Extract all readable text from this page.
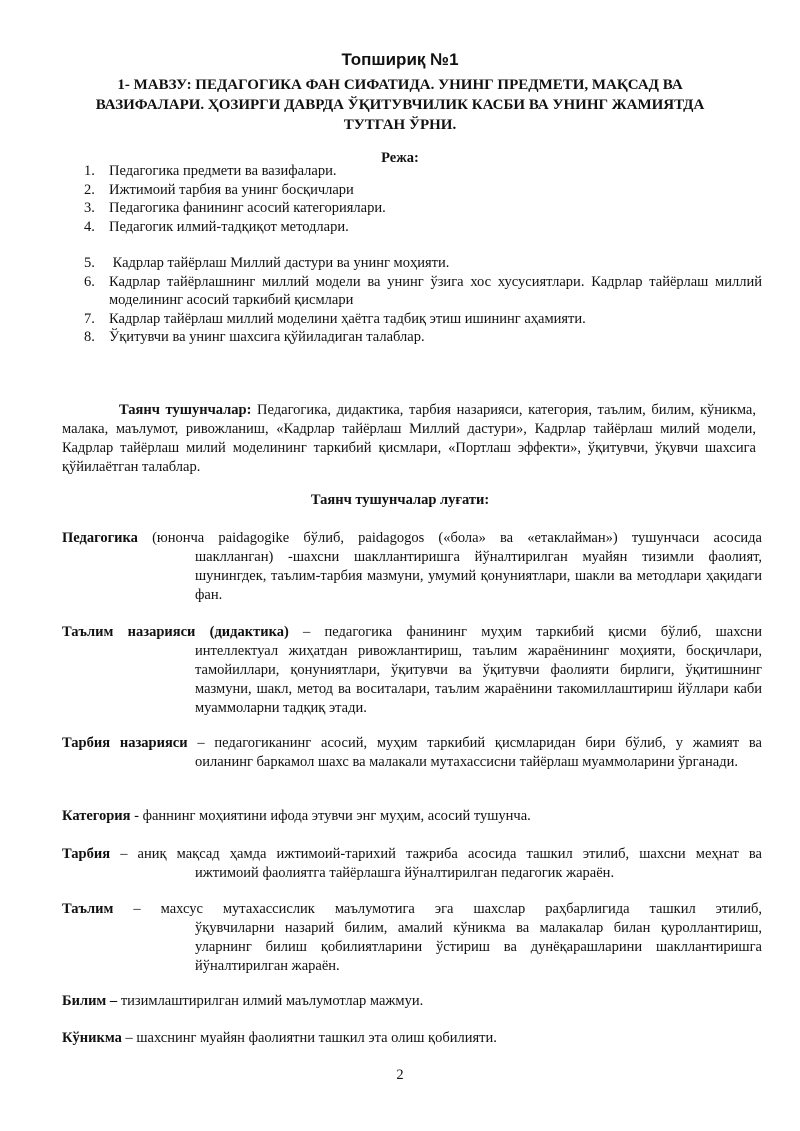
Топшириқ №1
1- МАВЗУ: ПЕДАГОГИКА ФАН СИФАТИДА. УНИНГ ПРЕДМЕТИ, МАҚСАД ВА ВАЗИФАЛАРИ. ҲОЗИРГИ ДАВРДА ЎҚИТУВЧИЛИК КАСБИ ВА УНИНГ ЖАМИЯТДА ТУТГАН ЎРНИ.
Режа:
1. Педагогика предмети ва вазифалари.
2. Ижтимоий тарбия ва унинг босқичлари
3. Педагогика фанининг асосий категориялари.
4. Педагогик илмий-тадқиқот методлари.
5. Кадрлар тайёрлаш Миллий дастури ва унинг моҳияти.
6. Кадрлар тайёрлашнинг миллий модели ва унинг ўзига хос хусусиятлари. Кадрлар тайёрлаш миллий моделининг асосий таркибий қисмлари
7. Кадрлар тайёрлаш миллий моделини ҳаётга тадбиқ этиш ишининг аҳамияти.
8. Ўқитувчи ва унинг шахсига қўйиладиган талаблар.
Таянч тушунчалар: Педагогика, дидактика, тарбия назарияси, категория, таълим, билим, кўникма, малака, маълумот, ривожланиш, «Кадрлар тайёрлаш Миллий дастури», Кадрлар тайёрлаш милий модели, Кадрлар тайёрлаш милий моделининг таркибий қисмлари, «Портлаш эффекти», ўқитувчи, ўқувчи шахсига қўйилаётган талаблар.
Таянч тушунчалар луғати:
Педагогика (юнонча paidagogike бўлиб, paidagogos («бола» ва «етаклайман») тушунчаси асосида
шаклланган) -шахсни шакллантиришга йўналтирилган муайян тизимли фаолият, шунингдек, таълим-тарбия мазмуни, умумий қонуниятлари, шакли ва методлари ҳақидаги фан.
Таълим назарияси (дидактика) – педагогика фанининг муҳим таркибий қисми бўлиб, шахсни
интеллектуал жиҳатдан ривожлантириш, таълим жараёнининг моҳияти, босқичлари, тамойиллари, қонуниятлари, ўқитувчи ва ўқитувчи фаолияти бирлиги, ўқитишнинг мазмуни, шакл, метод ва воситалари, таълим жараёнини такомиллаштириш йўллари каби муаммоларни тадқиқ этади.
Тарбия назарияси – педагогиканинг асосий, муҳим таркибий қисмларидан бири бўлиб, у жамият ва
оиланинг баркамол шахс ва малакали мутахассисни тайёрлаш муаммоларини ўрганади.
Категория - фаннинг моҳиятини ифода этувчи энг муҳим, асосий тушунча.
Тарбия – аниқ мақсад ҳамда ижтимоий-тарихий тажриба асосида ташкил этилиб, шахсни меҳнат ва
ижтимоий фаолиятга тайёрлашга йўналтирилган педагогик жараён.
Таълим – махсус мутахассислик маълумотига эга шахслар раҳбарлигида ташкил этилиб,
ўқувчиларни назарий билим, амалий кўникма ва малакалар билан қуроллантириш, уларнинг билиш қобилиятларини ўстириш ва дунёқарашларини шакллантиришга йўналтирилган жараён.
Билим – тизимлаштирилган илмий маълумотлар мажмуи.
Кўникма – шахснинг муайян фаолиятни ташкил эта олиш қобилияти.
2
